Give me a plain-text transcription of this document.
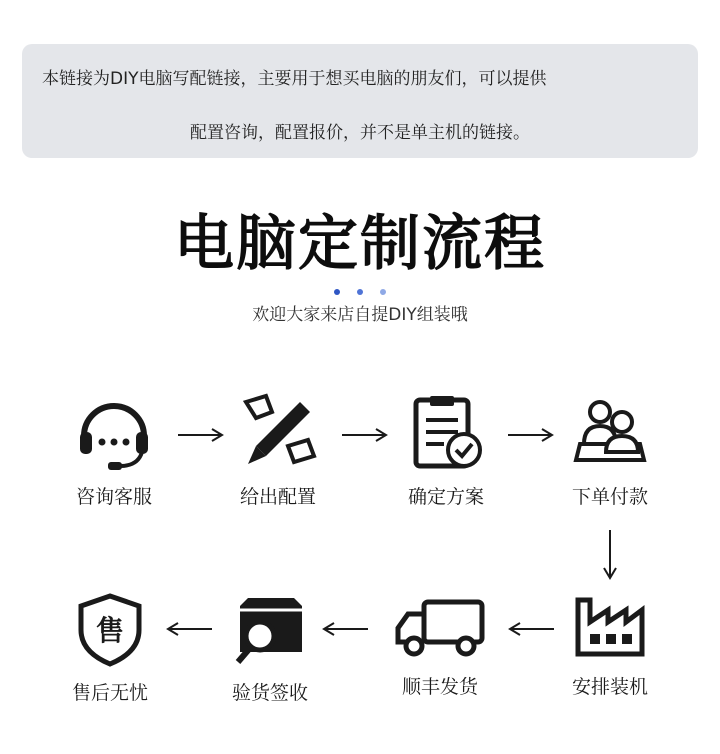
本链接为DIY电脑写配链接，主要用于想买电脑的朋友们，可以提供
配置咨询，配置报价，并不是单主机的链接。
电脑定制流程

欢迎大家来店自提DIY组装哦
咨询客服	给出配置	确定方案	下单付款
安排装机
顺丰发货
验货签收
售
售后无忧
